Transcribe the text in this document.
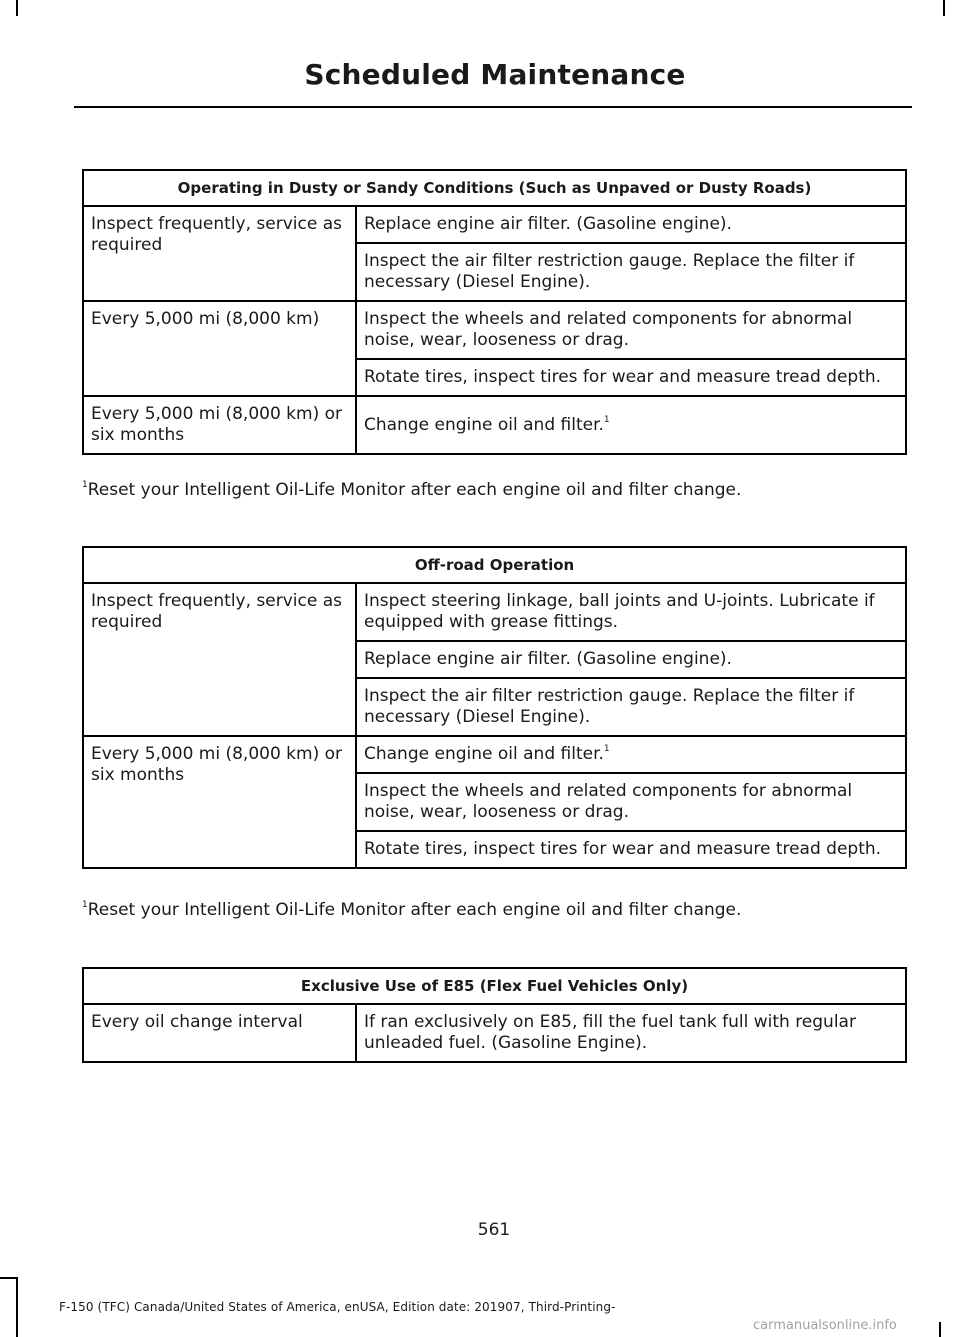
Scheduled Maintenance
Operating in Dusty or Sandy Conditions (Such as Unpaved or Dusty Roads)	
Inspect frequently, service as required	Replace engine air filter. (Gasoline engine).
	Inspect the air filter restriction gauge. Replace the filter if necessary (Diesel Engine).
Every 5,000 mi (8,000 km)	Inspect the wheels and related components for abnormal noise, wear, looseness or drag.
	Rotate tires, inspect tires for wear and measure tread depth.
Every 5,000 mi (8,000 km) or six months	Change engine oil and filter.$^1$
$^1$Reset your Intelligent Oil-Life Monitor after each engine oil and filter change.
Off-road Operation	
Inspect frequently, service as required	Inspect steering linkage, ball joints and U-joints. Lubricate if equipped with grease fittings.
	Replace engine air filter. (Gasoline engine).
	Inspect the air filter restriction gauge. Replace the filter if necessary (Diesel Engine).
Every 5,000 mi (8,000 km) or six months	Change engine oil and filter.$^1$
	Inspect the wheels and related components for abnormal noise, wear, looseness or drag.
	Rotate tires, inspect tires for wear and measure tread depth.
$^1$Reset your Intelligent Oil-Life Monitor after each engine oil and filter change.
Exclusive Use of E85 (Flex Fuel Vehicles Only)
Every oil change interval	If ran exclusively on E85, fill the fuel tank full with regular unleaded fuel. (Gasoline Engine).
561
F-150 (TFC) Canada/United States of America, enUSA, Edition date: 201907, Third-Printing-
carmanualsonline.info
